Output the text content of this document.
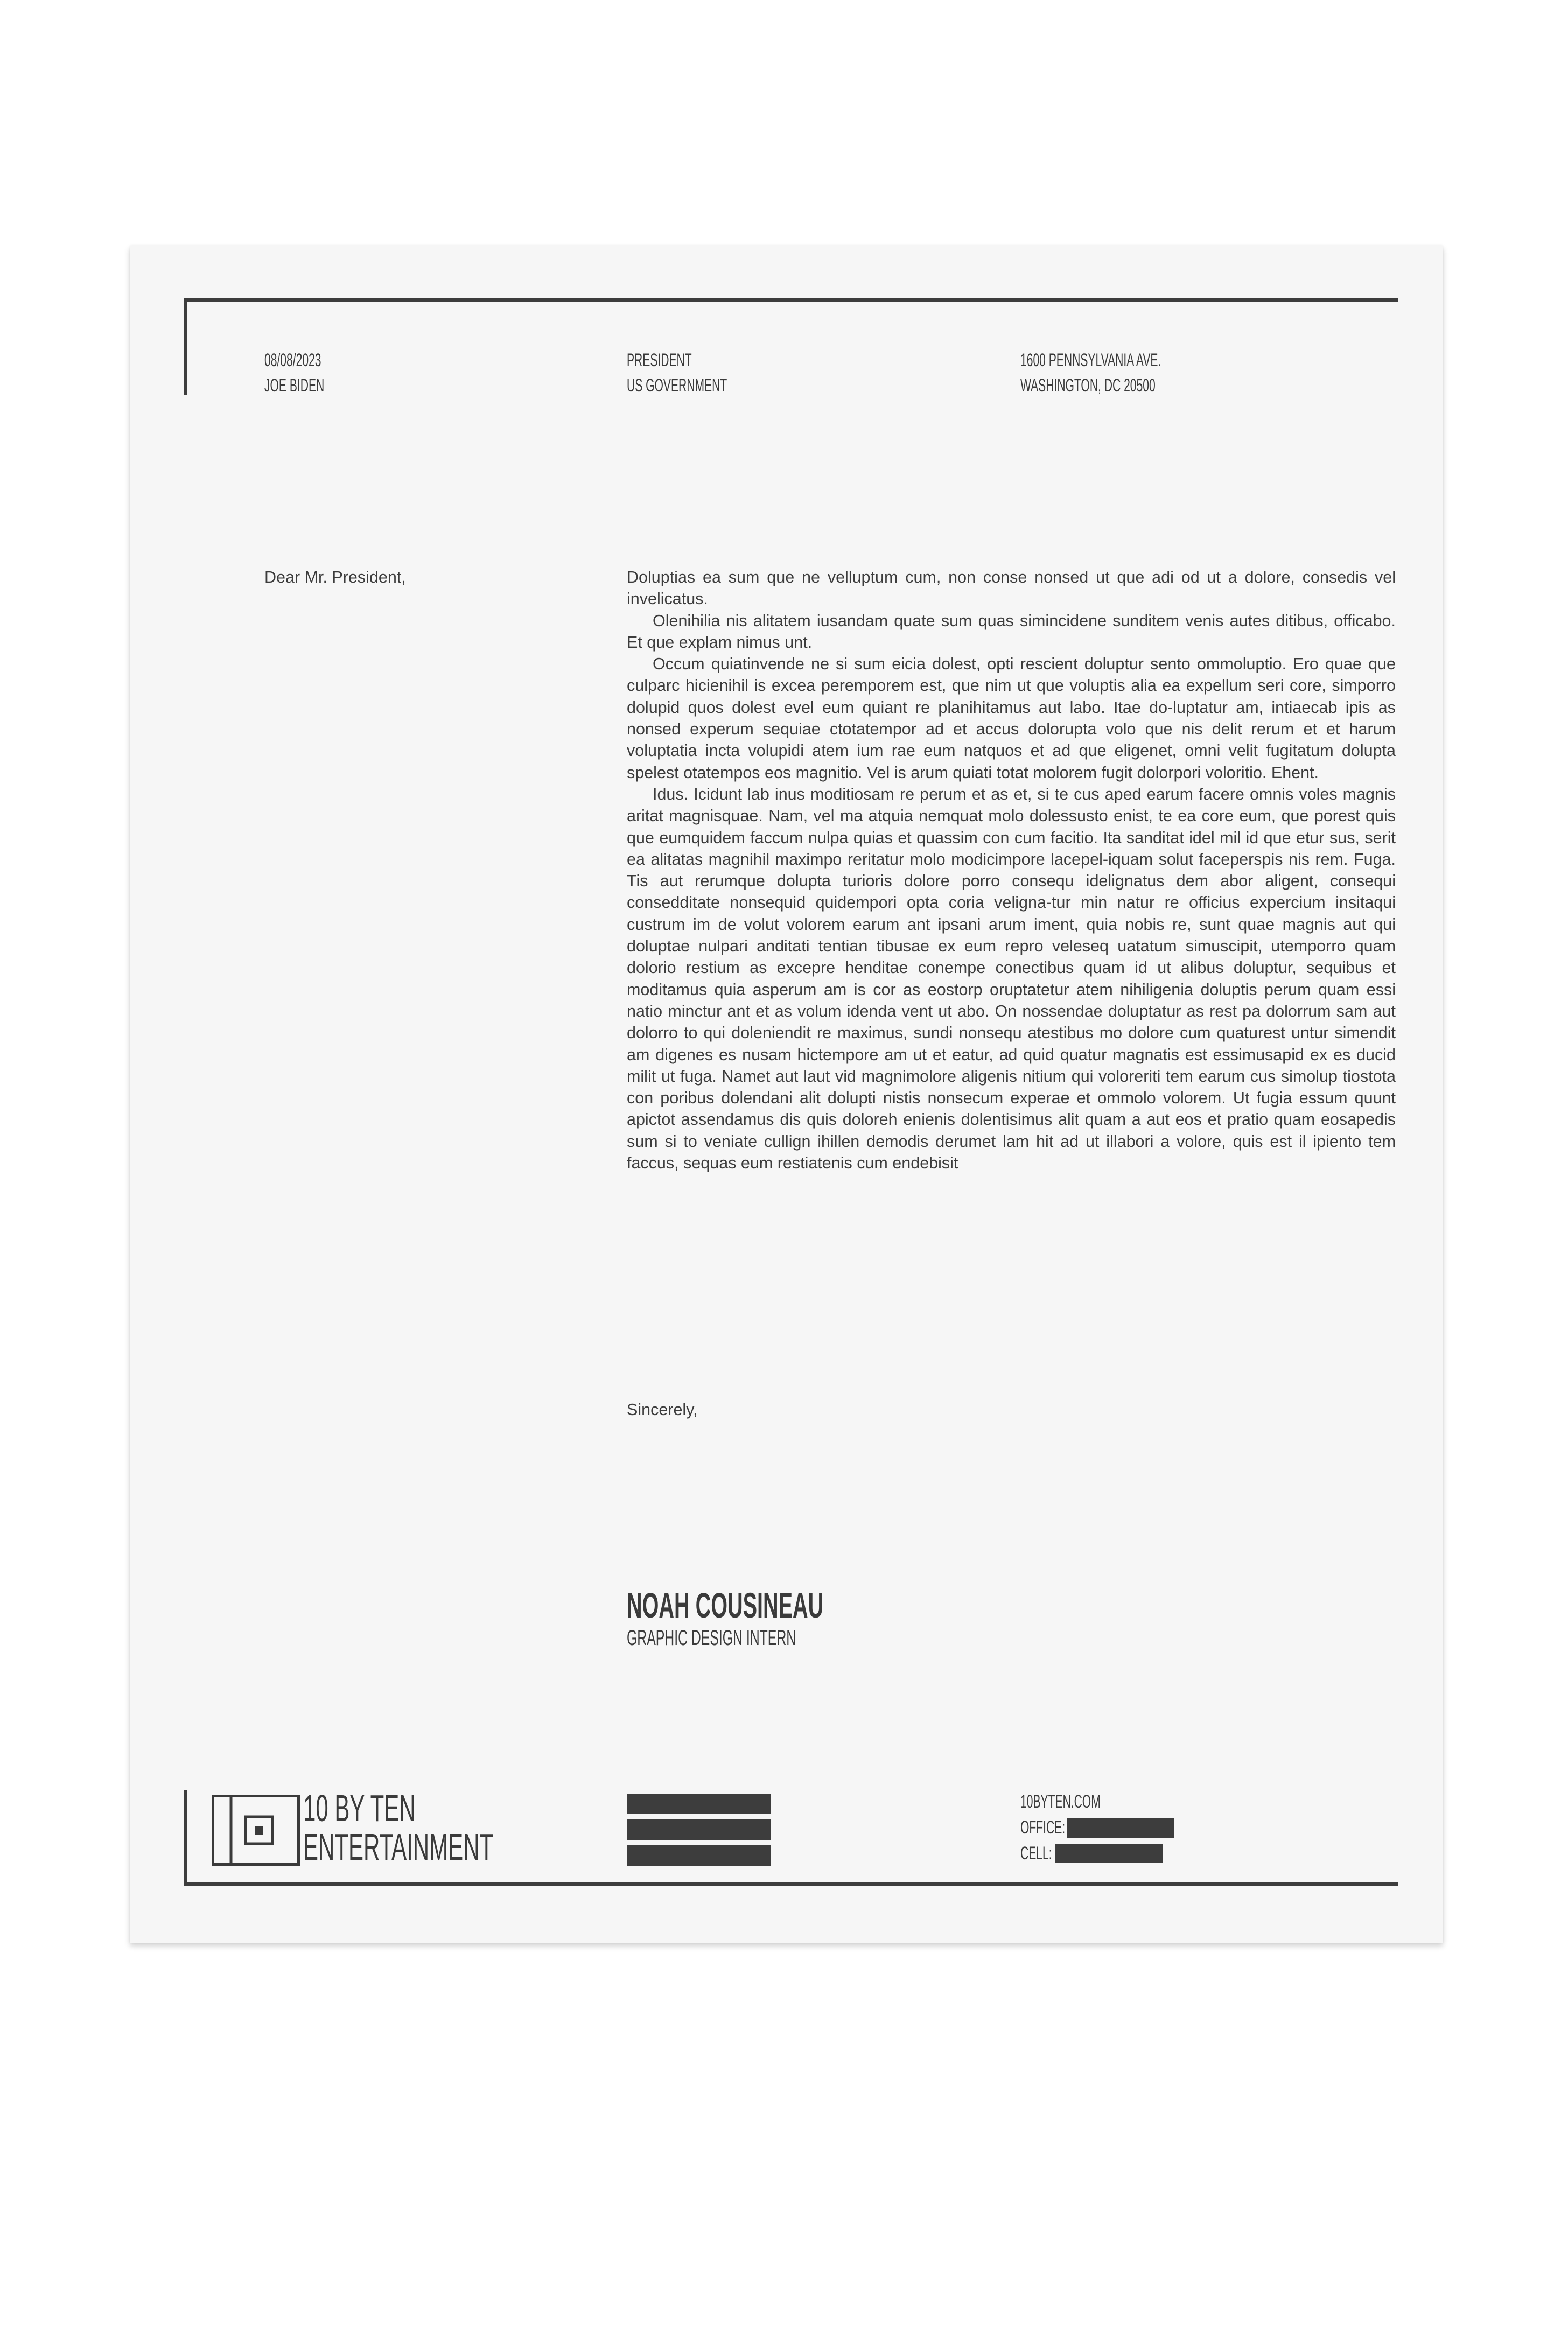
08/08/2023
JOE BIDEN
PRESIDENT
US GOVERNMENT
1600 PENNSYLVANIA AVE.
WASHINGTON, DC 20500
Dear Mr. President,	Doluptias ea sum que ne velluptum cum, non conse nonsed ut que adi od ut a dolore, consedis vel invelicatus.

Olenihilia nis alitatem iusandam quate sum quas simincidene sunditem venis autes ditibus, officabo. Et que explam nimus unt.

Occum quiatinvende ne si sum eicia dolest, opti rescient doluptur sento ommoluptio. Ero quae que culparc hicienihil is excea peremporem est, que nim ut que voluptis alia ea expellum seri core, simporro dolupid quos dolest evel eum quiant re planihitamus aut labo. Itae do-luptatur am, intiaecab ipis as nonsed experum sequiae ctotatempor ad et accus dolorupta volo que nis delit rerum et et harum voluptatia incta volupidi atem ium rae eum natquos et ad que eligenet, omni velit fugitatum dolupta spelest otatempos eos magnitio. Vel is arum quiati totat molorem fugit dolorpori voloritio. Ehent.

Idus. Icidunt lab inus moditiosam re perum et as et, si te cus aped earum facere omnis voles magnis aritat magnisquae. Nam, vel ma atquia nemquat molo dolessusto enist, te ea core eum, que porest quis que eumquidem faccum nulpa quias et quassim con cum facitio. Ita sanditat idel mil id que etur sus, serit ea alitatas magnihil maximpo reritatur molo modicimpore lacepel-iquam solut faceperspis nis rem. Fuga. Tis aut rerumque dolupta turioris dolore porro consequ idelignatus dem abor aligent, consequi consedditate nonsequid quidempori opta coria veligna-tur min natur re officius expercium insitaqui custrum im de volut volorem earum ant ipsani arum iment, quia nobis re, sunt quae magnis aut qui doluptae nulpari anditati tentian tibusae ex eum repro veleseq uatatum simuscipit, utemporro quam dolorio restium as excepre henditae conempe conectibus quam id ut alibus doluptur, sequibus et moditamus quia asperum am is cor as eostorp oruptatetur atem nihiligenia doluptis perum quam essi natio minctur ant et as volum idenda vent ut abo. On nossendae doluptatur as rest pa dolorrum sam aut dolorro to qui doleniendit re maximus, sundi nonsequ atestibus mo dolore cum quaturest untur simendit am digenes es nusam hictempore am ut et eatur, ad quid quatur magnatis est essimusapid ex es ducid milit ut fuga. Namet aut laut vid magnimolore aligenis nitium qui voloreriti tem earum cus simolup tiostota con poribus dolendani alit dolupti nistis nonsecum experae et ommolo volorem. Ut fugia essum quunt apictot assendamus dis quis doloreh enienis dolentisimus alit quam a aut eos et pratio quam eosapedis sum si to veniate cullign ihillen demodis derumet lam hit ad ut illabori a volore, quis est il ipiento tem faccus, sequas eum restiatenis cum endebisit

Sincerely,
NOAH COUSINEAU
GRAPHIC DESIGN INTERN
10 BY TEN
ENTERTAINMENT
10BYTEN.COM
OFFICE:
CELL:
